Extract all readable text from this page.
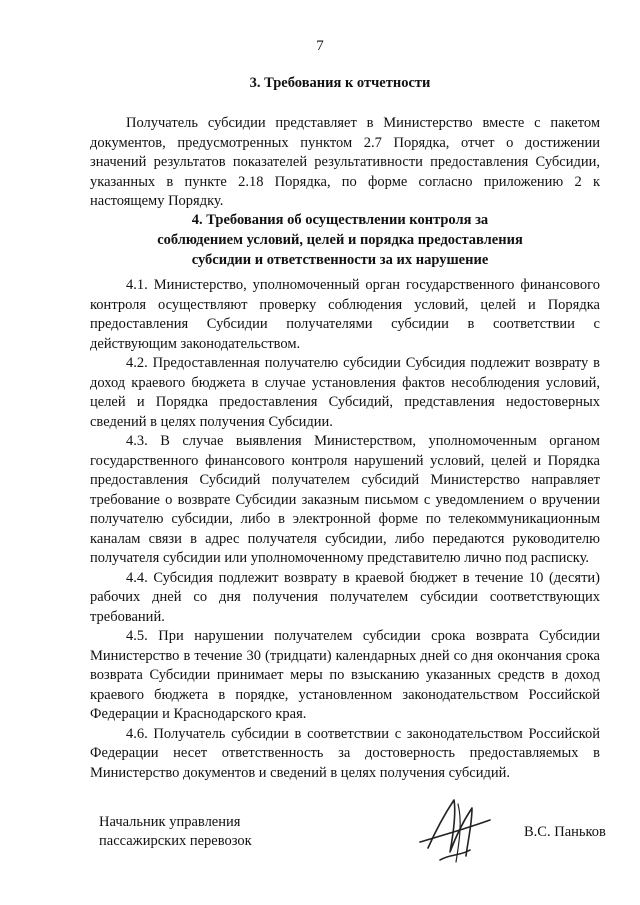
7
3. Требования к отчетности

Получатель субсидии представляет в Министерство вместе с пакетом документов, предусмотренных пунктом 2.7 Порядка, отчет о достижении значений результатов показателей результативности предоставления Субсидии, указанных в пункте 2.18 Порядка, по форме согласно приложению 2 к настоящему Порядку.

4. Требования об осуществлении контроля за
соблюдением условий, целей и порядка предоставления
субсидии и ответственности за их нарушение

4.1. Министерство, уполномоченный орган государственного финансового контроля осуществляют проверку соблюдения условий, целей и Порядка предоставления Субсидии получателями субсидии в соответствии с действующим законодательством.

4.2. Предоставленная получателю субсидии Субсидия подлежит возврату в доход краевого бюджета в случае установления фактов несоблюдения условий, целей и Порядка предоставления Субсидий, представления недостоверных сведений в целях получения Субсидии.

4.3. В случае выявления Министерством, уполномоченным органом государственного финансового контроля нарушений условий, целей и Порядка предоставления Субсидий получателем субсидий Министерство направляет требование о возврате Субсидии заказным письмом с уведомлением о вручении получателю субсидии, либо в электронной форме по телекоммуникационным каналам связи в адрес получателя субсидии, либо передаются руководителю получателя субсидии или уполномоченному представителю лично под расписку.

4.4. Субсидия подлежит возврату в краевой бюджет в течение 10 (десяти) рабочих дней со дня получения получателем субсидии соответствующих требований.

4.5. При нарушении получателем субсидии срока возврата Субсидии Министерство в течение 30 (тридцати) календарных дней со дня окончания срока возврата Субсидии принимает меры по взысканию указанных средств в доход краевого бюджета в порядке, установленном законодательством Российской Федерации и Краснодарского края.

4.6. Получатель субсидии в соответствии с законодательством Российской Федерации несет ответственность за достоверность предоставляемых в Министерство документов и сведений в целях получения субсидий.

Начальник управления
пассажирских перевозок
В.С. Паньков
